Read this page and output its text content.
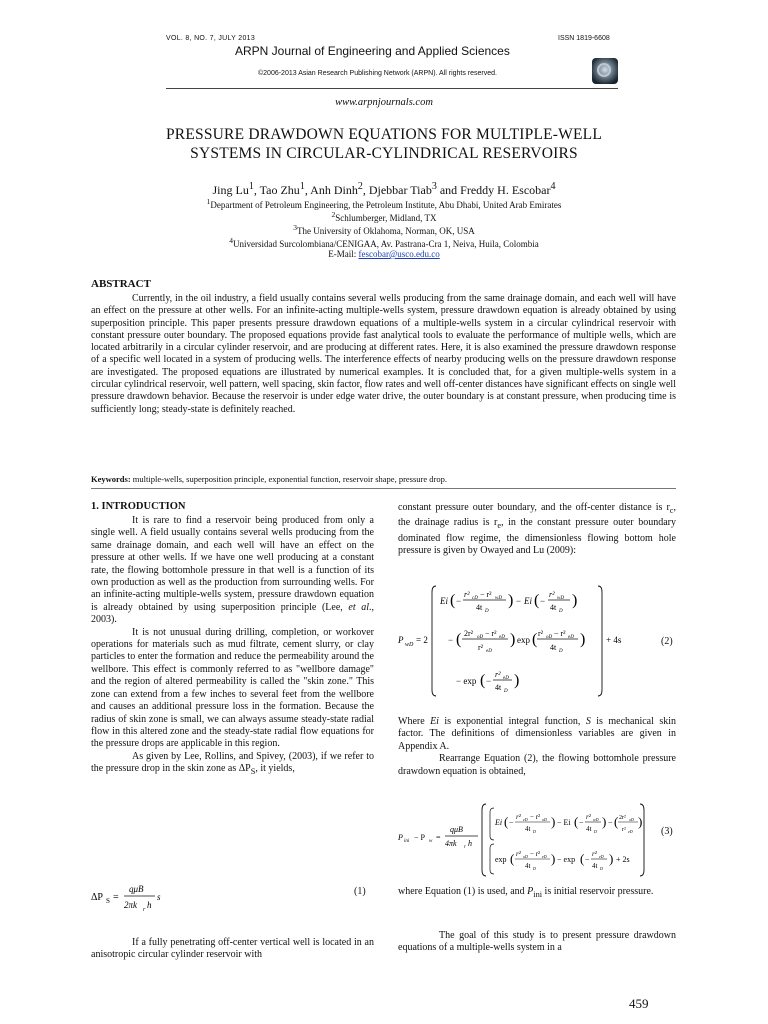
VOL. 8, NO. 7, JULY 2013	ISSN 1819-6608
ARPN Journal of Engineering and Applied Sciences
©2006-2013 Asian Research Publishing Network (ARPN). All rights reserved.
www.arpnjournals.com
PRESSURE DRAWDOWN EQUATIONS FOR MULTIPLE-WELL
SYSTEMS IN CIRCULAR-CYLINDRICAL RESERVOIRS
Jing Lu$^1$, Tao Zhu$^1$, Anh Dinh$^2$, Djebbar Tiab$^3$ and Freddy H. Escobar$^4$
$^1$Department of Petroleum Engineering, the Petroleum Institute, Abu Dhabi, United Arab Emirates
$^2$Schlumberger, Midland, TX
$^3$The University of Oklahoma, Norman, OK, USA
$^4$Universidad Surcolombiana/CENIGAA, Av. Pastrana-Cra 1, Neiva, Huila, Colombia
E-Mail: fescobar@usco.edu.co
ABSTRACT

Currently, in the oil industry, a field usually contains several wells producing from the same drainage domain, and each well will have an effect on the pressure at other wells. For an infinite-acting multiple-wells system, pressure drawdown equation is already obtained by using superposition principle. This paper presents pressure drawdown equations of a multiple-wells system in a circular cylindrical reservoir with constant pressure outer boundary. The proposed equations provide fast analytical tools to evaluate the performance of multiple wells, which are located arbitrarily in a circular cylinder reservoir, and are producing at different rates. Here, it is also examined the pressure drawdown response of a specific well located in a system of producing wells. The interference effects of nearby producing wells on the pressure drawdown response are investigated. The proposed equations are illustrated by numerical examples. It is concluded that, for a given multiple-wells system in a circular cylindrical reservoir, well pattern, well spacing, skin factor, flow rates and well off-center distances have significant effects on single well pressure drawdown behavior. Because the reservoir is under edge water drive, the outer boundary is at constant pressure, when producing time is sufficiently long; steady-state is definitely reached.

Keywords: multiple-wells, superposition principle, exponential function, reservoir shape, pressure drop.
1. INTRODUCTION

It is rare to find a reservoir being produced from only a single well. A field usually contains several wells producing from the same drainage domain, and each well will have an effect on the pressure at other wells. If we have one well producing at a constant rate, the flowing bottomhole pressure in that well is a function of its own production as well as the production from surrounding wells. For an infinite-acting multiple-wells system, pressure drawdown equation is already obtained by using superposition principle (Lee, et al., 2003).

It is not unusual during drilling, completion, or workover operations for materials such as mud filtrate, cement slurry, or clay particles to enter the formation and reduce the permeability around the wellbore. This effect is commonly referred to as "wellbore damage" and the region of altered permeability is called the "skin zone." This zone can extend from a few inches to several feet from the wellbore and causes an additional pressure loss in the formation. Because the radius of skin zone is small, we can always assume steady-state radial flow in this altered zone and the steady-state radial flow equations for the pressure drops are applicable in this region.

As given by Lee, Rollins, and Spivey, (2003), if we refer to the pressure drop in the skin zone as $\Delta P_S$, it yields,

ΔP S =
qμB
2πk r h
s	(1)

If a fully penetrating off-center vertical well is located in an anisotropic circular cylinder reservoir with

constant pressure outer boundary, and the off-center distance is $r_c$, the drainage radius is $r_e$, in the constant pressure outer boundary dominated flow regime, the dimensionless flowing bottom hole pressure is given by Owayed and Lu (2009):

P wD = 2
Ei ( −
r² cD − r² wD
4t D
) − Ei ( −
r² wD
4t D
)
− ( 2r² oD − r² eD
r² eD
) exp ( r² oD − r² eD
4t D
)
− exp ( −
r² eD
4t D
)
+ 4s	(2)

Where Ei is exponential integral function, S is mechanical skin factor. The definitions of dimensionless variables are given in Appendix A.

Rearrange Equation (2), the flowing bottomhole pressure drawdown equation is obtained,

P ini − P w =
qμB
4πk r h
Ei ( −
r² eD − r² oD
4t D
) − Ei ( −
r² wD
4t D
) − ( 2r² oD
r² eD
)
exp ( r² oD − r² eD
4t D
) − exp ( −
r² eD
4t D
) + 2s
(3)

where Equation (1) is used, and $P_{ini}$ is initial reservoir pressure.

The goal of this study is to present pressure drawdown equations of a multiple-wells system in a

459
